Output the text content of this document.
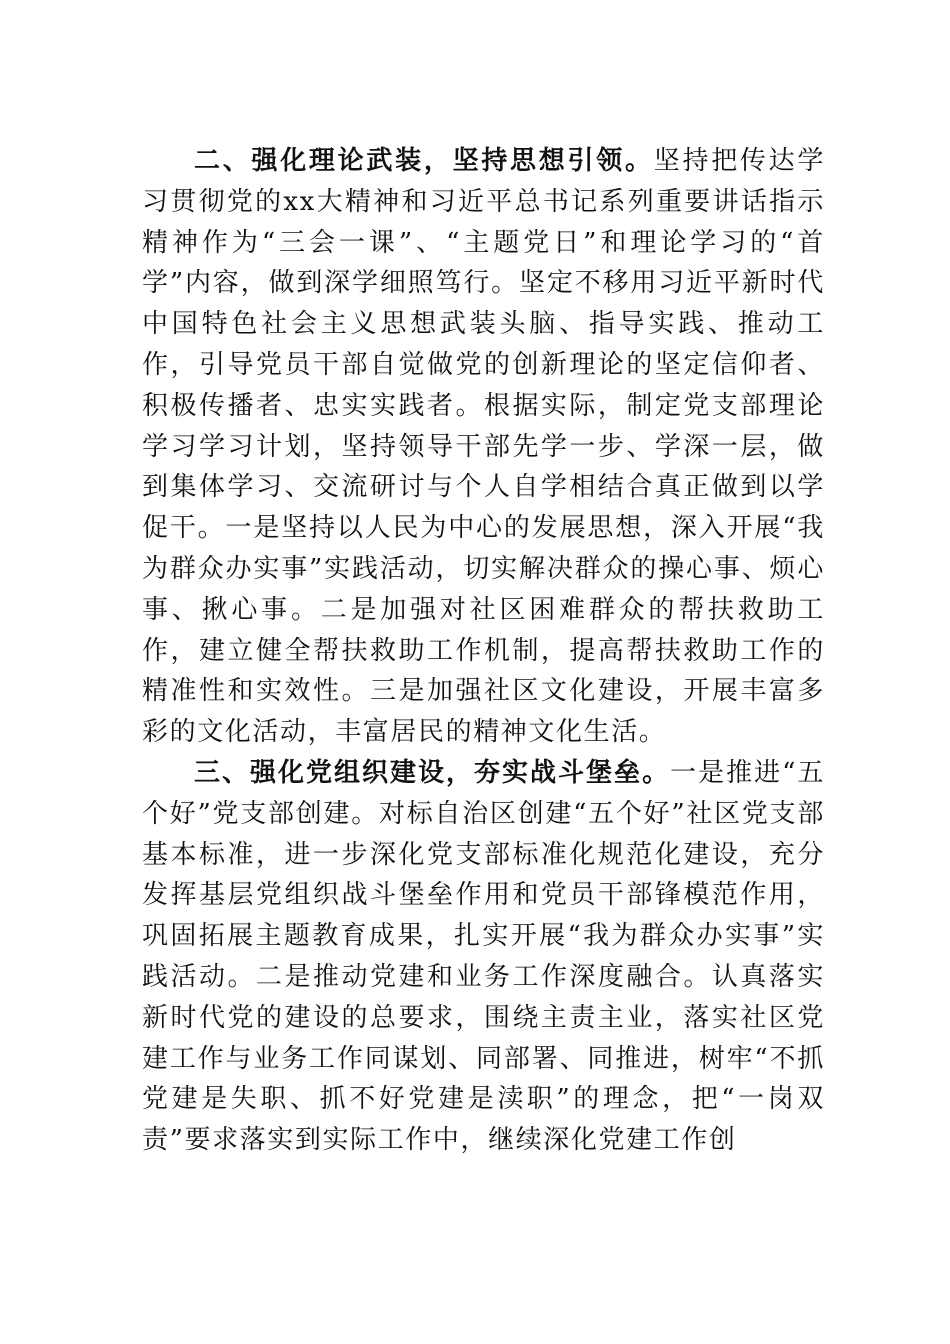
二、强化理论武装，坚持思想引领。坚持把传达学习贯彻党的xx大精神和习近平总书记系列重要讲话指示精神作为“三会一课”、“主题党日”和理论学习的“首学”内容，做到深学细照笃行。坚定不移用习近平新时代中国特色社会主义思想武装头脑、指导实践、推动工作，引导党员干部自觉做党的创新理论的坚定信仰者、积极传播者、忠实实践者。根据实际，制定党支部理论学习学习计划，坚持领导干部先学一步、学深一层，做到集体学习、交流研讨与个人自学相结合真正做到以学促干。一是坚持以人民为中心的发展思想，深入开展“我为群众办实事”实践活动，切实解决群众的操心事、烦心事、揪心事。二是加强对社区困难群众的帮扶救助工作，建立健全帮扶救助工作机制，提高帮扶救助工作的精准性和实效性。三是加强社区文化建设，开展丰富多彩的文化活动，丰富居民的精神文化生活。

三、强化党组织建设，夯实战斗堡垒。一是推进“五个好”党支部创建。对标自治区创建“五个好”社区党支部基本标准，进一步深化党支部标准化规范化建设，充分发挥基层党组织战斗堡垒作用和党员干部锋模范作用，巩固拓展主题教育成果，扎实开展“我为群众办实事”实践活动。二是推动党建和业务工作深度融合。认真落实新时代党的建设的总要求，围绕主责主业，落实社区党建工作与业务工作同谋划、同部署、同推进，树牢“不抓党建是失职、抓不好党建是渎职”的理念，把“一岗双责”要求落实到实际工作中，继续深化党建工作创
